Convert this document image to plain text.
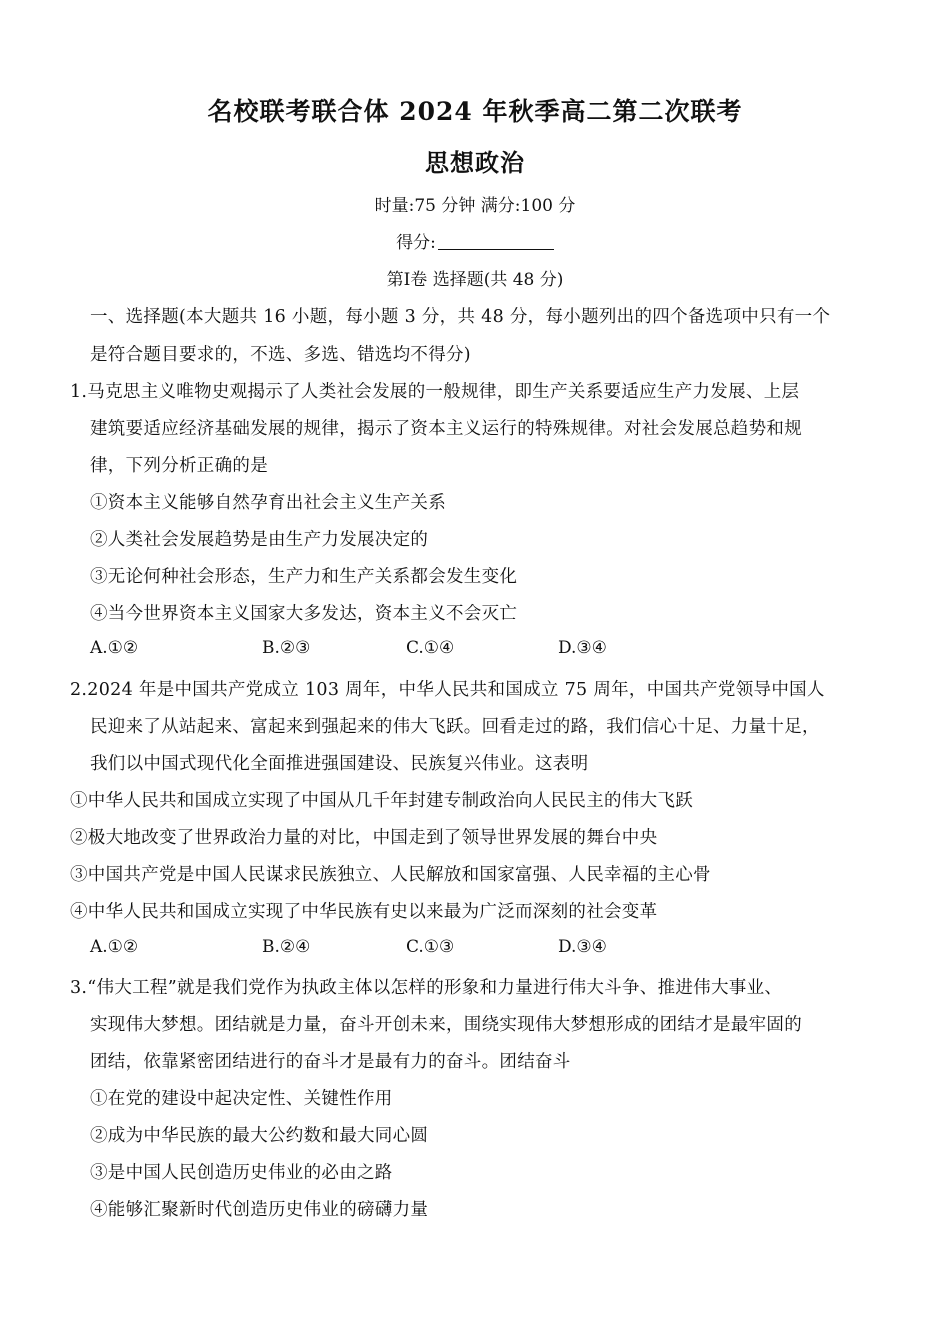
名校联考联合体 2024 年秋季高二第二次联考
思想政治
时量:75 分钟 满分:100 分
得分:
第Ⅰ卷 选择题(共 48 分)
一、选择题(本大题共 16 小题，每小题 3 分，共 48 分，每小题列出的四个备选项中只有一个
是符合题目要求的，不选、多选、错选均不得分)
1.马克思主义唯物史观揭示了人类社会发展的一般规律，即生产关系要适应生产力发展、上层
建筑要适应经济基础发展的规律，揭示了资本主义运行的特殊规律。对社会发展总趋势和规
律，下列分析正确的是
①资本主义能够自然孕育出社会主义生产关系
②人类社会发展趋势是由生产力发展决定的
③无论何种社会形态，生产力和生产关系都会发生变化
④当今世界资本主义国家大多发达，资本主义不会灭亡
A.①②	B.②③	C.①④	D.③④
2.2024 年是中国共产党成立 103 周年，中华人民共和国成立 75 周年，中国共产党领导中国人
民迎来了从站起来、富起来到强起来的伟大飞跃。回看走过的路，我们信心十足、力量十足，
我们以中国式现代化全面推进强国建设、民族复兴伟业。这表明
①中华人民共和国成立实现了中国从几千年封建专制政治向人民民主的伟大飞跃
②极大地改变了世界政治力量的对比，中国走到了领导世界发展的舞台中央
③中国共产党是中国人民谋求民族独立、人民解放和国家富强、人民幸福的主心骨
④中华人民共和国成立实现了中华民族有史以来最为广泛而深刻的社会变革
A.①②	B.②④	C.①③	D.③④
3.“伟大工程”就是我们党作为执政主体以怎样的形象和力量进行伟大斗争、推进伟大事业、
实现伟大梦想。团结就是力量，奋斗开创未来，围绕实现伟大梦想形成的团结才是最牢固的
团结，依靠紧密团结进行的奋斗才是最有力的奋斗。团结奋斗
①在党的建设中起决定性、关键性作用
②成为中华民族的最大公约数和最大同心圆
③是中国人民创造历史伟业的必由之路
④能够汇聚新时代创造历史伟业的磅礴力量
